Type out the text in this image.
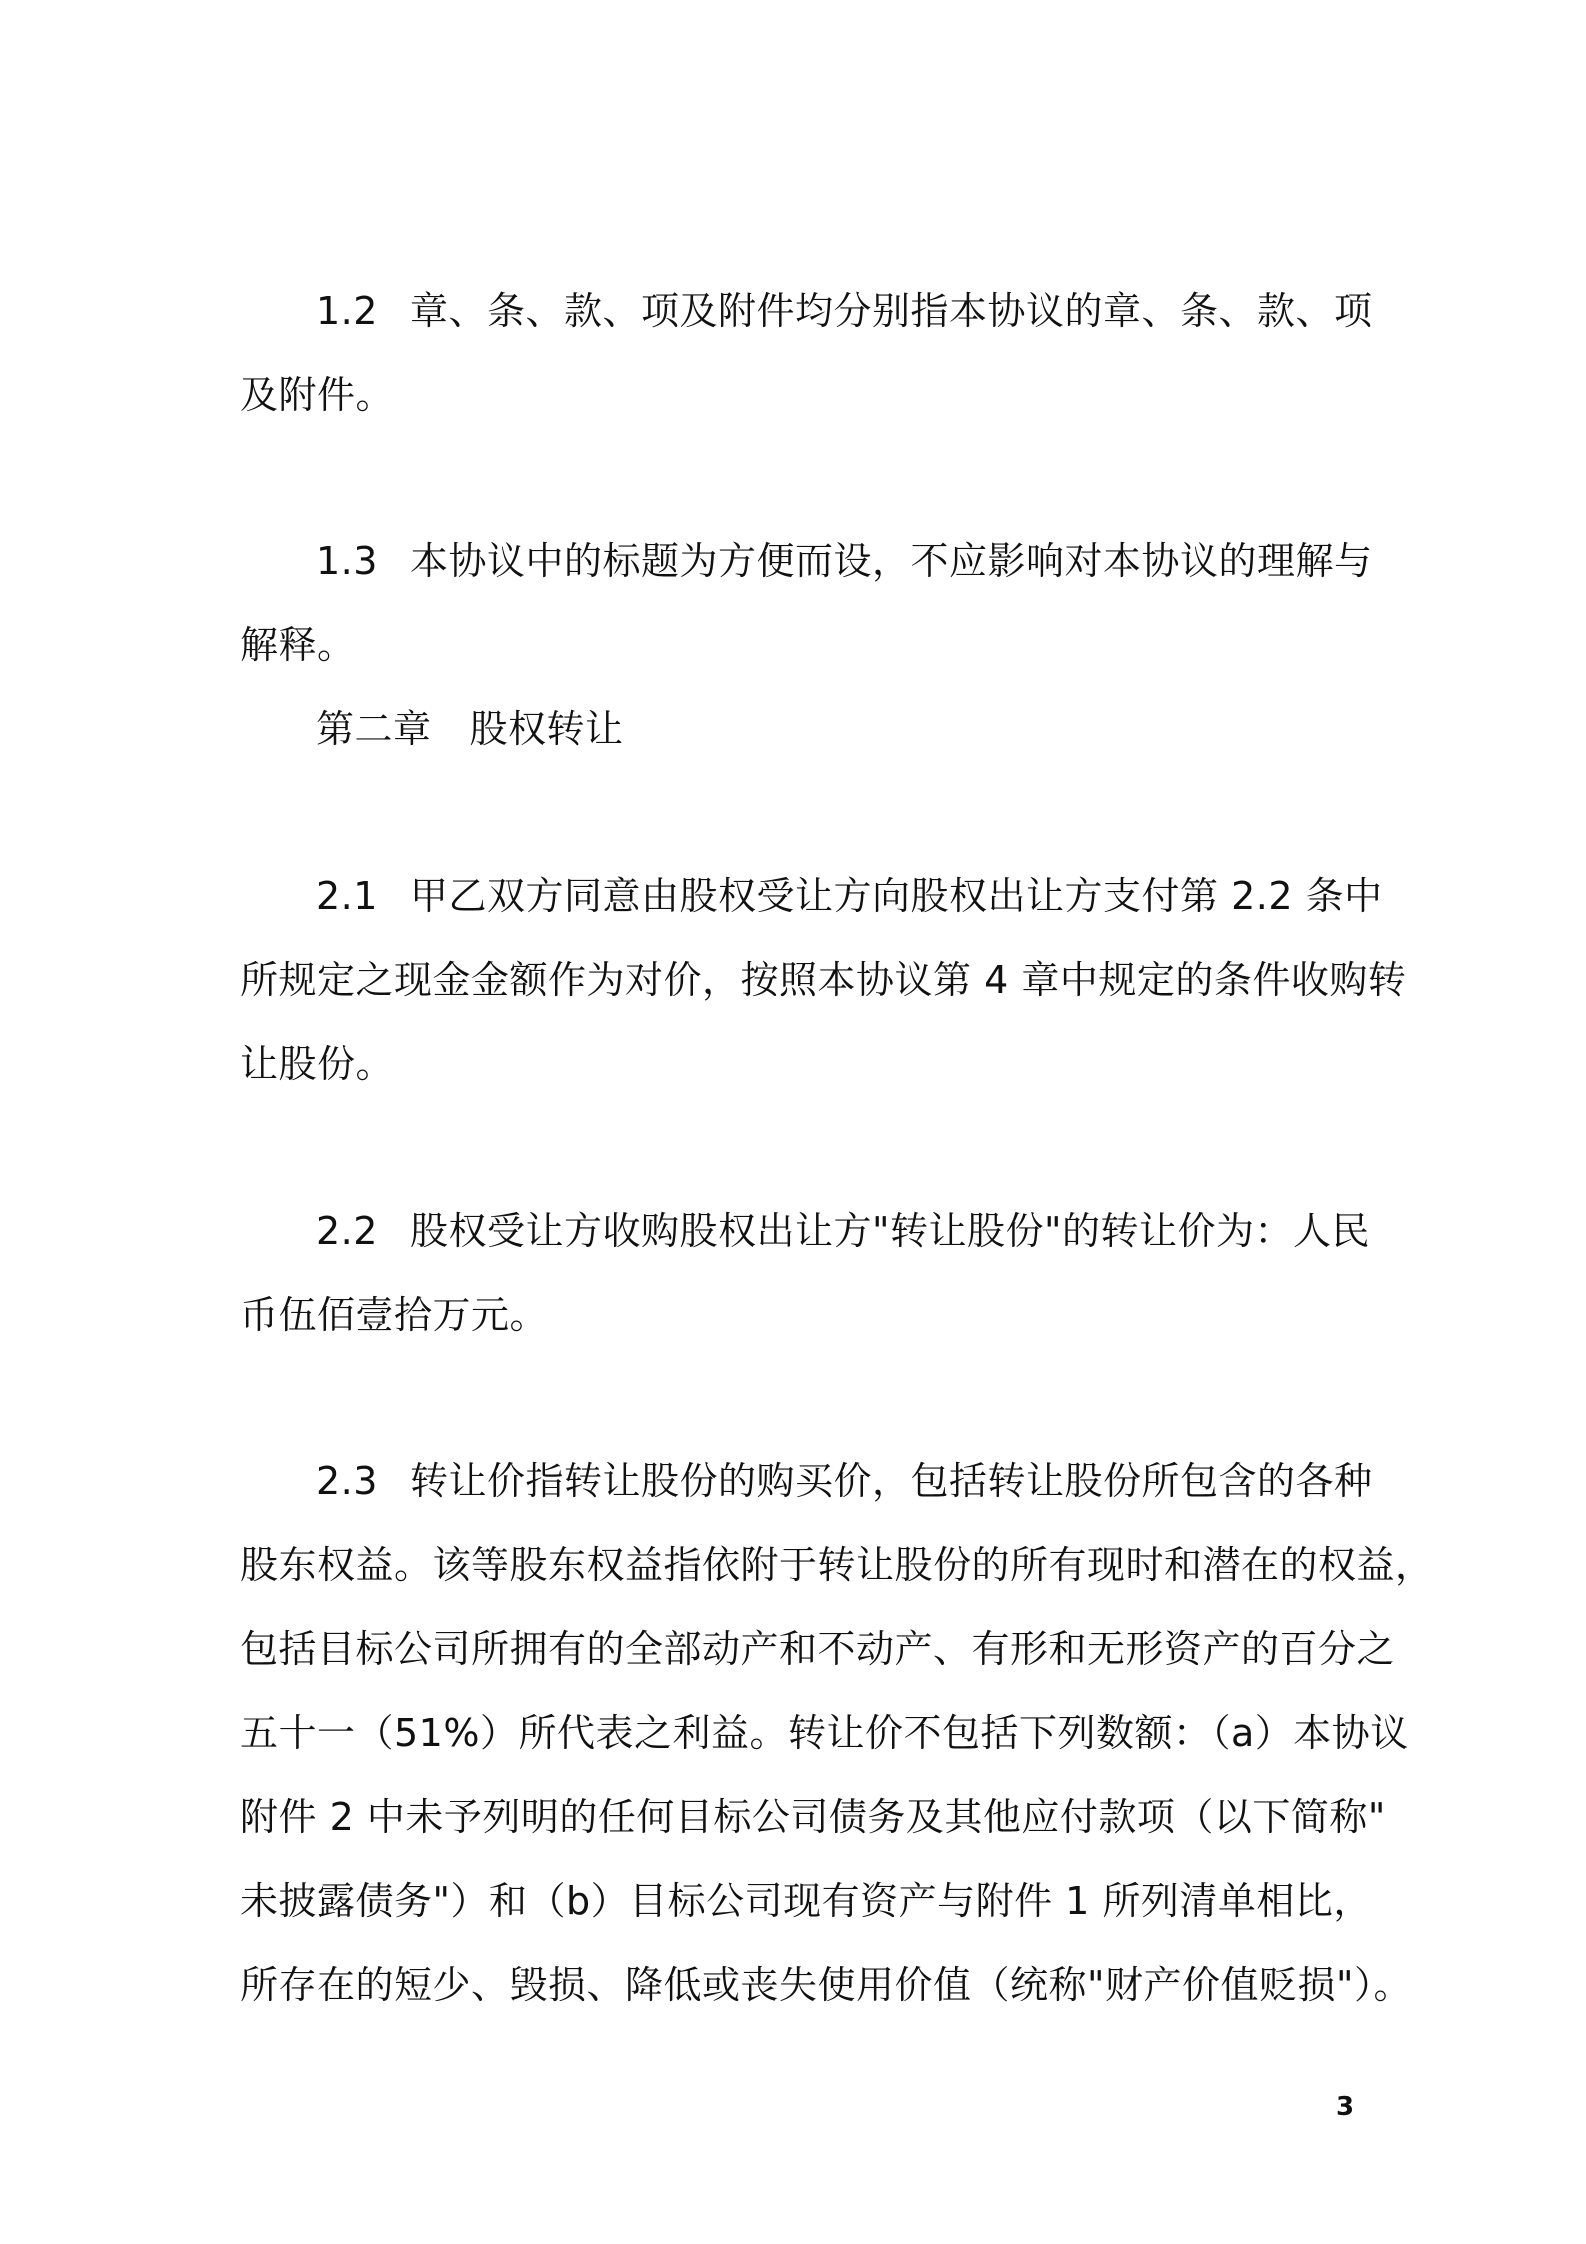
1.2 章、条、款、项及附件均分别指本协议的章、条、款、项
及附件。
1.3 本协议中的标题为方便而设，不应影响对本协议的理解与
解释。
第二章 股权转让
2.1 甲乙双方同意由股权受让方向股权出让方支付第 2.2 条中
所规定之现金金额作为对价，按照本协议第 4 章中规定的条件收购转
让股份。
2.2 股权受让方收购股权出让方"转让股份"的转让价为：人民
币伍佰壹拾万元。
2.3 转让价指转让股份的购买价，包括转让股份所包含的各种
股东权益。该等股东权益指依附于转让股份的所有现时和潜在的权益，
包括目标公司所拥有的全部动产和不动产、有形和无形资产的百分之
五十一（51%）所代表之利益。转让价不包括下列数额：（a）本协议
附件 2 中未予列明的任何目标公司债务及其他应付款项（以下简称"
未披露债务"）和（b）目标公司现有资产与附件 1 所列清单相比，
所存在的短少、毁损、降低或丧失使用价值（统称"财产价值贬损"）。
3
